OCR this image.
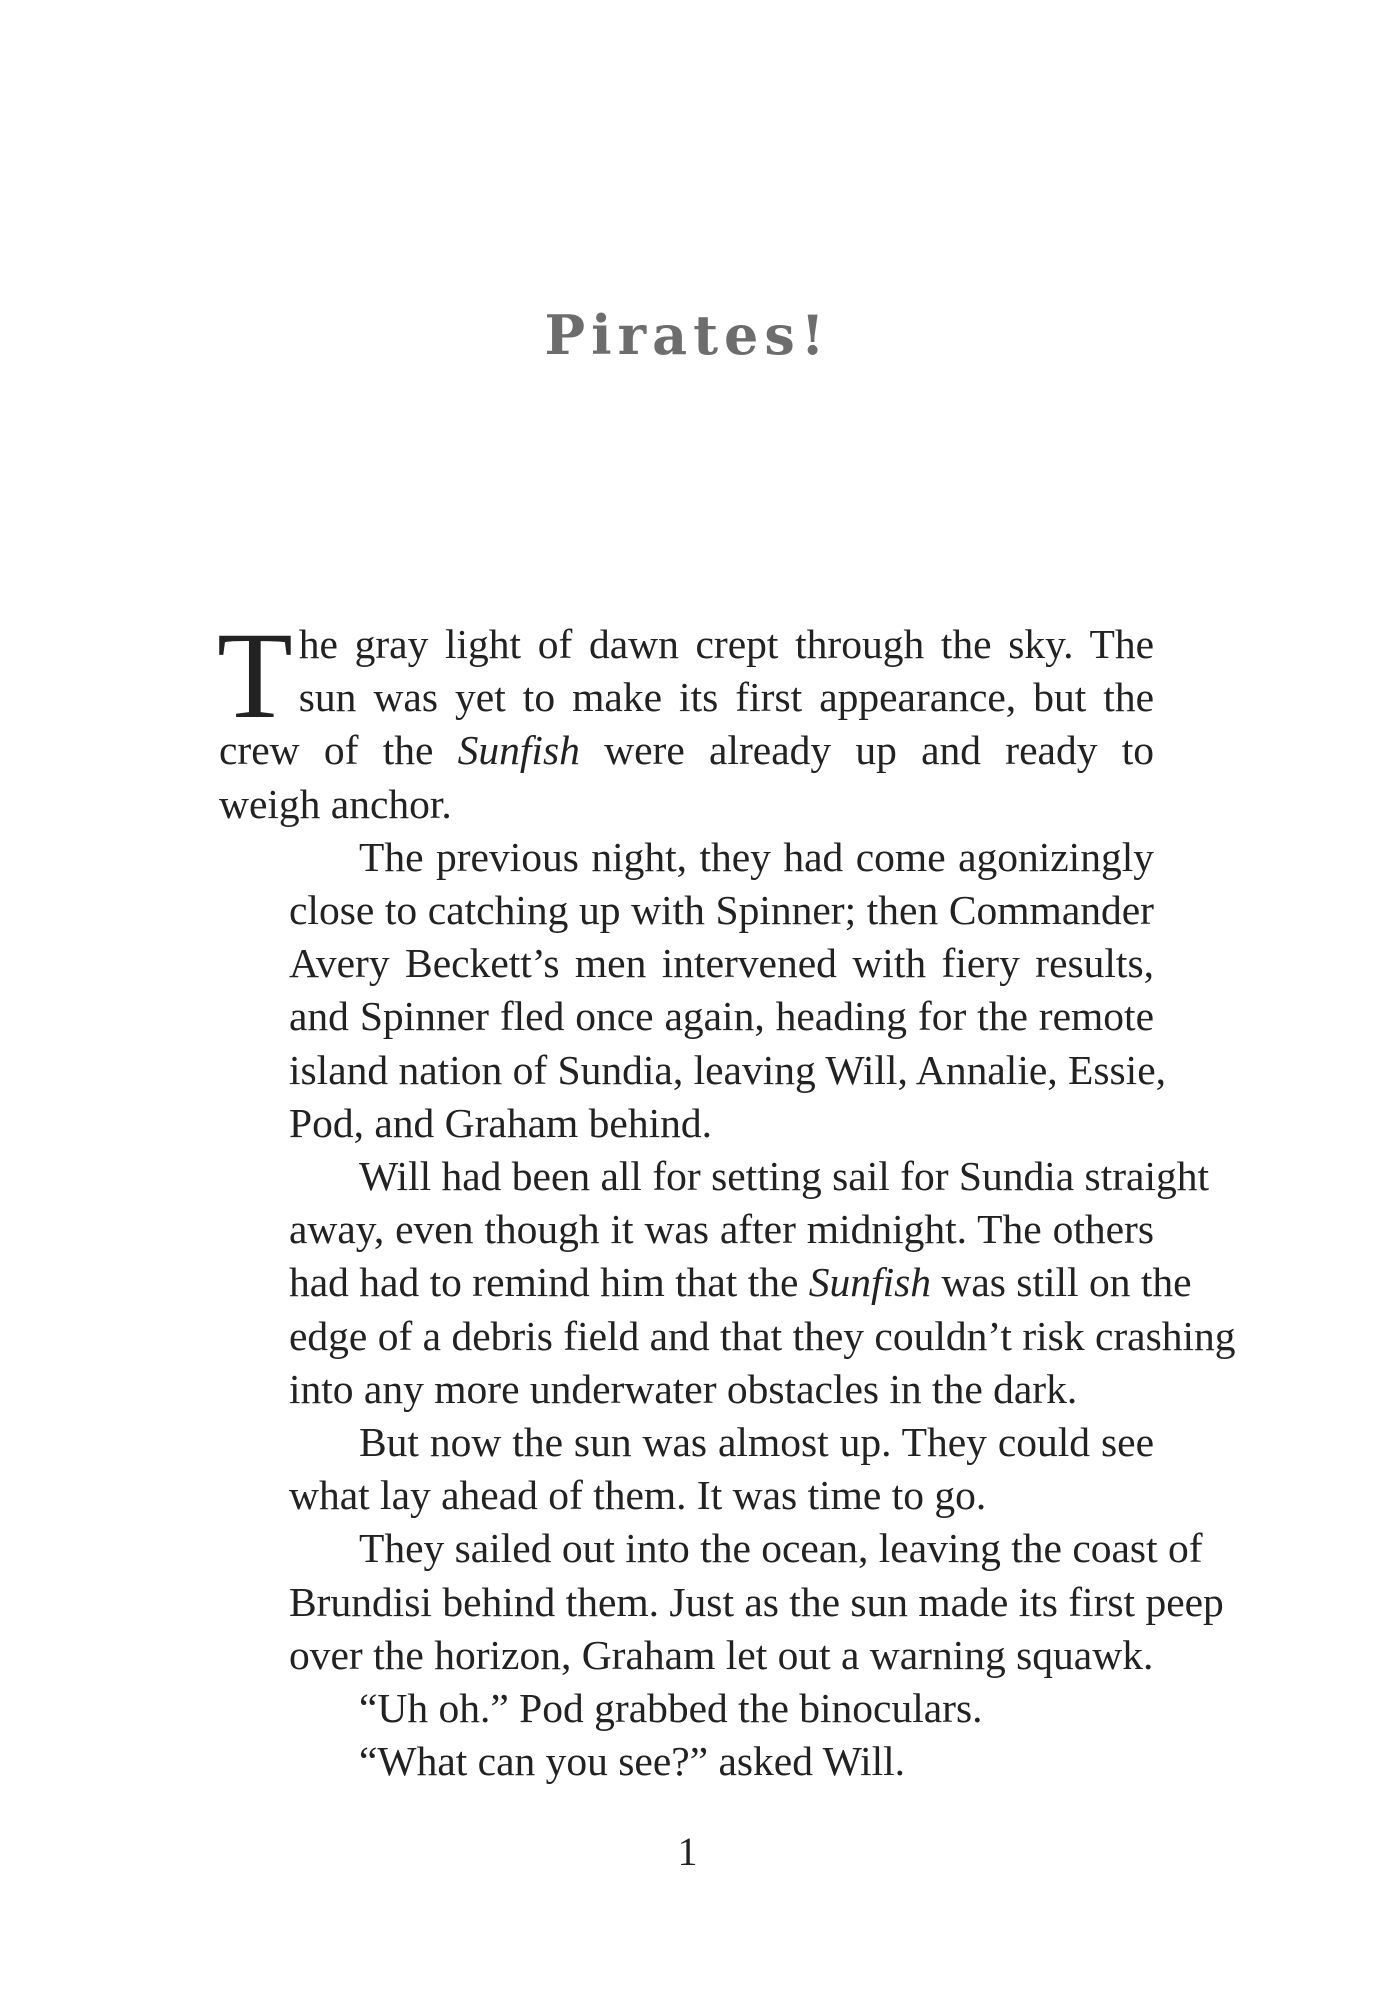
Pirates!

T he gray light of dawn crept through the sky. The
sun was yet to make its first appearance, but the
crew of the Sunfish were already up and ready to
weigh anchor.

The previous night, they had come agonizingly
close to catching up with Spinner; then Commander
Avery Beckett’s men intervened with fiery results,
and Spinner fled once again, heading for the remote
island nation of Sundia, leaving Will, Annalie, Essie,
Pod, and Graham behind.

Will had been all for setting sail for Sundia straight
away, even though it was after midnight. The others
had had to remind him that the Sunfish was still on the
edge of a debris field and that they couldn’t risk crashing
into any more underwater obstacles in the dark.

But now the sun was almost up. They could see
what lay ahead of them. It was time to go.

They sailed out into the ocean, leaving the coast of
Brundisi behind them. Just as the sun made its first peep
over the horizon, Graham let out a warning squawk.

“Uh oh.” Pod grabbed the binoculars.

“What can you see?” asked Will.

1
